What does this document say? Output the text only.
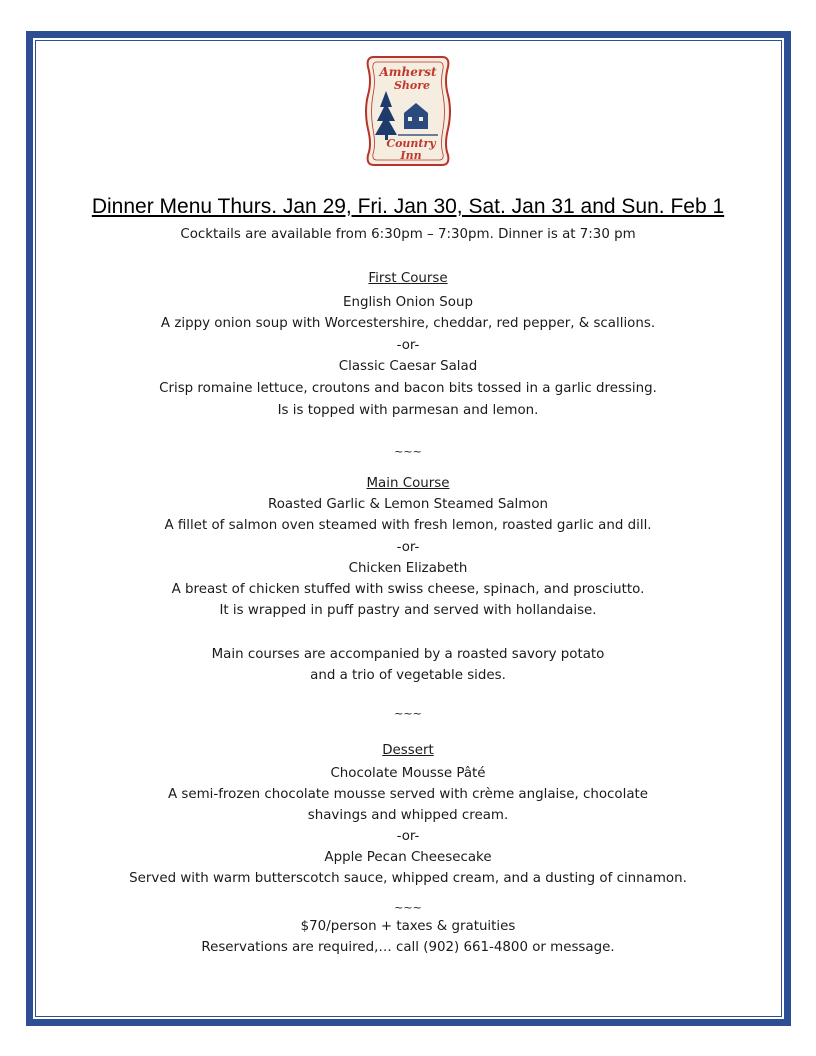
Amherst
Shore
Country
Inn
Dinner Menu Thurs. Jan 29, Fri. Jan 30, Sat. Jan 31 and Sun. Feb 1
Cocktails are available from 6:30pm – 7:30pm. Dinner is at 7:30 pm
First Course
English Onion Soup
A zippy onion soup with Worcestershire, cheddar, red pepper, & scallions.
-or-
Classic Caesar Salad
Crisp romaine lettuce, croutons and bacon bits tossed in a garlic dressing.
Is is topped with parmesan and lemon.
~~~
Main Course
Roasted Garlic & Lemon Steamed Salmon
A fillet of salmon oven steamed with fresh lemon, roasted garlic and dill.
-or-
Chicken Elizabeth
A breast of chicken stuffed with swiss cheese, spinach, and prosciutto.
It is wrapped in puff pastry and served with hollandaise.
Main courses are accompanied by a roasted savory potato
and a trio of vegetable sides.
~~~
Dessert
Chocolate Mousse Pâté
A semi-frozen chocolate mousse served with crème anglaise, chocolate
shavings and whipped cream.
-or-
Apple Pecan Cheesecake
Served with warm butterscotch sauce, whipped cream, and a dusting of cinnamon.
~~~
$70/person + taxes & gratuities
Reservations are required,… call (902) 661-4800 or message.
